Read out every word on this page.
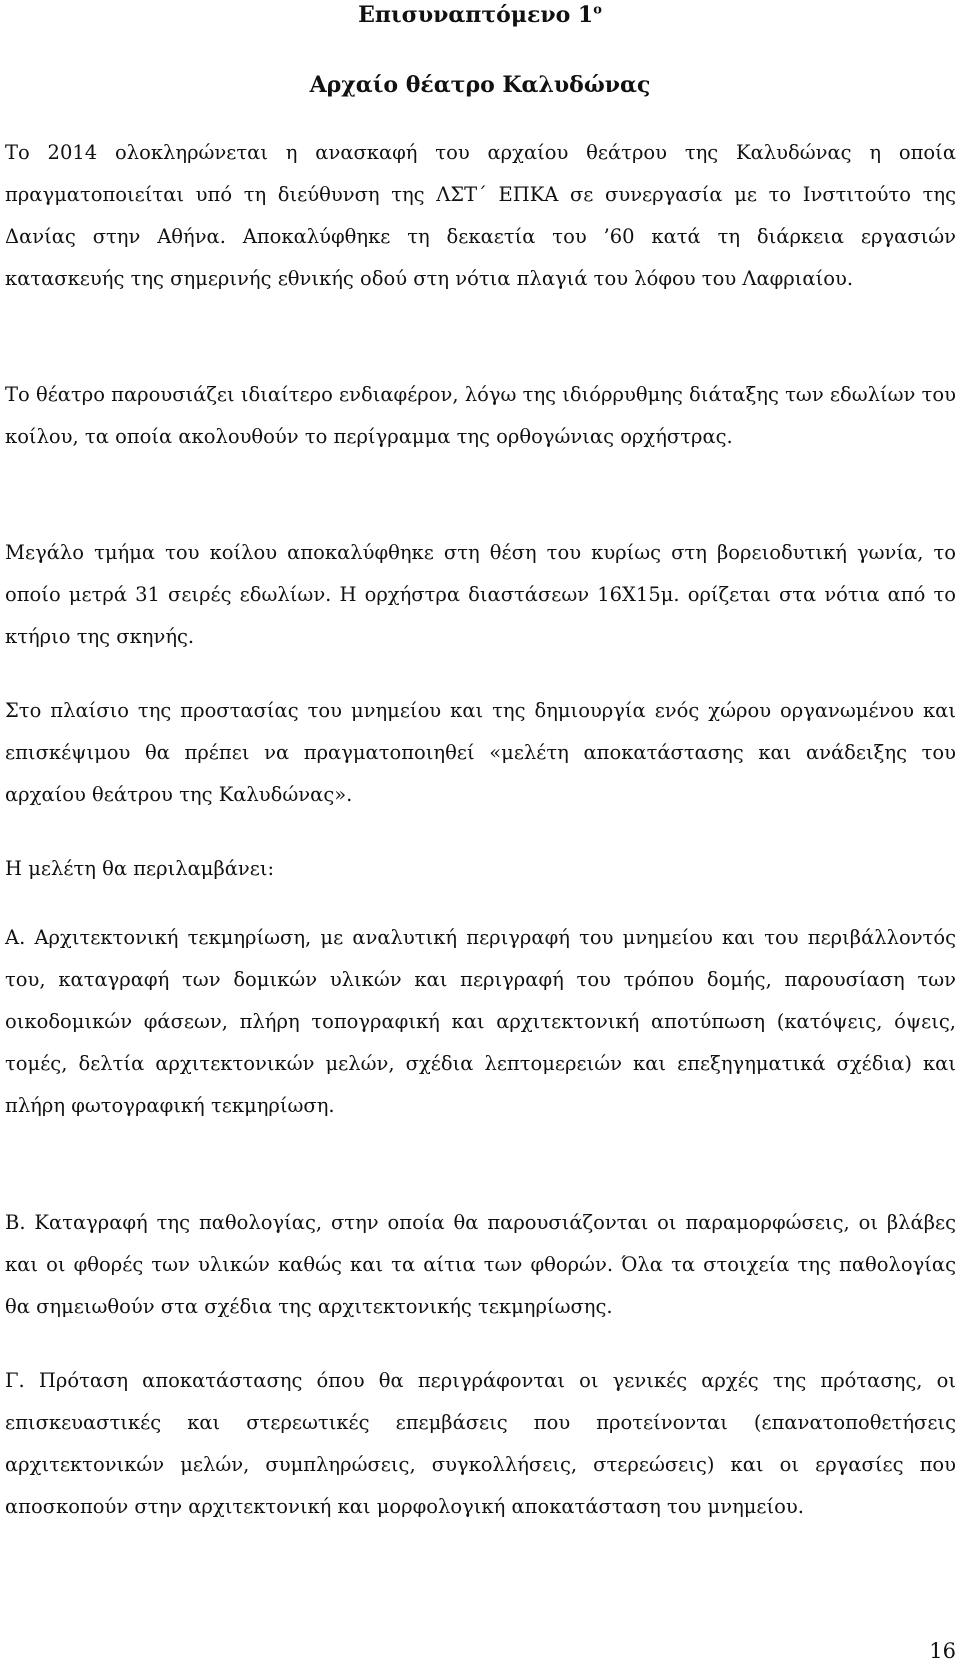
Επισυναπτόμενο $1^o$
Αρχαίο θέατρο Καλυδώνας

Το 2014 ολοκληρώνεται η ανασκαφή του αρχαίου θεάτρου της Καλυδώνας η οποία πραγματοποιείται υπό τη διεύθυνση της ΛΣΤ΄ ΕΠΚΑ σε συνεργασία με το Ινστιτούτο της Δανίας στην Αθήνα. Αποκαλύφθηκε τη δεκαετία του ’60 κατά τη διάρκεια εργασιών κατασκευής της σημερινής εθνικής οδού στη νότια πλαγιά του λόφου του Λαφριαίου.

Το θέατρο παρουσιάζει ιδιαίτερο ενδιαφέρον, λόγω της ιδιόρρυθμης διάταξης των εδωλίων του κοίλου, τα οποία ακολουθούν το περίγραμμα της ορθογώνιας ορχήστρας.

Μεγάλο τμήμα του κοίλου αποκαλύφθηκε στη θέση του κυρίως στη βορειοδυτική γωνία, το οποίο μετρά 31 σειρές εδωλίων. Η ορχήστρα διαστάσεων 16Χ15μ. ορίζεται στα νότια από το κτήριο της σκηνής.

Στο πλαίσιο της προστασίας του μνημείου και της δημιουργία ενός χώρου οργανωμένου και επισκέψιμου θα πρέπει να πραγματοποιηθεί «μελέτη αποκατάστασης και ανάδειξης του αρχαίου θεάτρου της Καλυδώνας».

Η μελέτη θα περιλαμβάνει:

Α. Αρχιτεκτονική τεκμηρίωση, με αναλυτική περιγραφή του μνημείου και του περιβάλλοντός του, καταγραφή των δομικών υλικών και περιγραφή του τρόπου δομής, παρουσίαση των οικοδομικών φάσεων, πλήρη τοπογραφική και αρχιτεκτονική αποτύπωση (κατόψεις, όψεις, τομές, δελτία αρχιτεκτονικών μελών, σχέδια λεπτομερειών και επεξηγηματικά σχέδια) και πλήρη φωτογραφική τεκμηρίωση.

Β. Καταγραφή της παθολογίας, στην οποία θα παρουσιάζονται οι παραμορφώσεις, οι βλάβες και οι φθορές των υλικών καθώς και τα αίτια των φθορών. Όλα τα στοιχεία της παθολογίας θα σημειωθούν στα σχέδια της αρχιτεκτονικής τεκμηρίωσης.

Γ. Πρόταση αποκατάστασης όπου θα περιγράφονται οι γενικές αρχές της πρότασης, οι επισκευαστικές και στερεωτικές επεμβάσεις που προτείνονται (επανατοποθετήσεις αρχιτεκτονικών μελών, συμπληρώσεις, συγκολλήσεις, στερεώσεις) και οι εργασίες που αποσκοπούν στην αρχιτεκτονική και μορφολογική αποκατάσταση του μνημείου.

16
